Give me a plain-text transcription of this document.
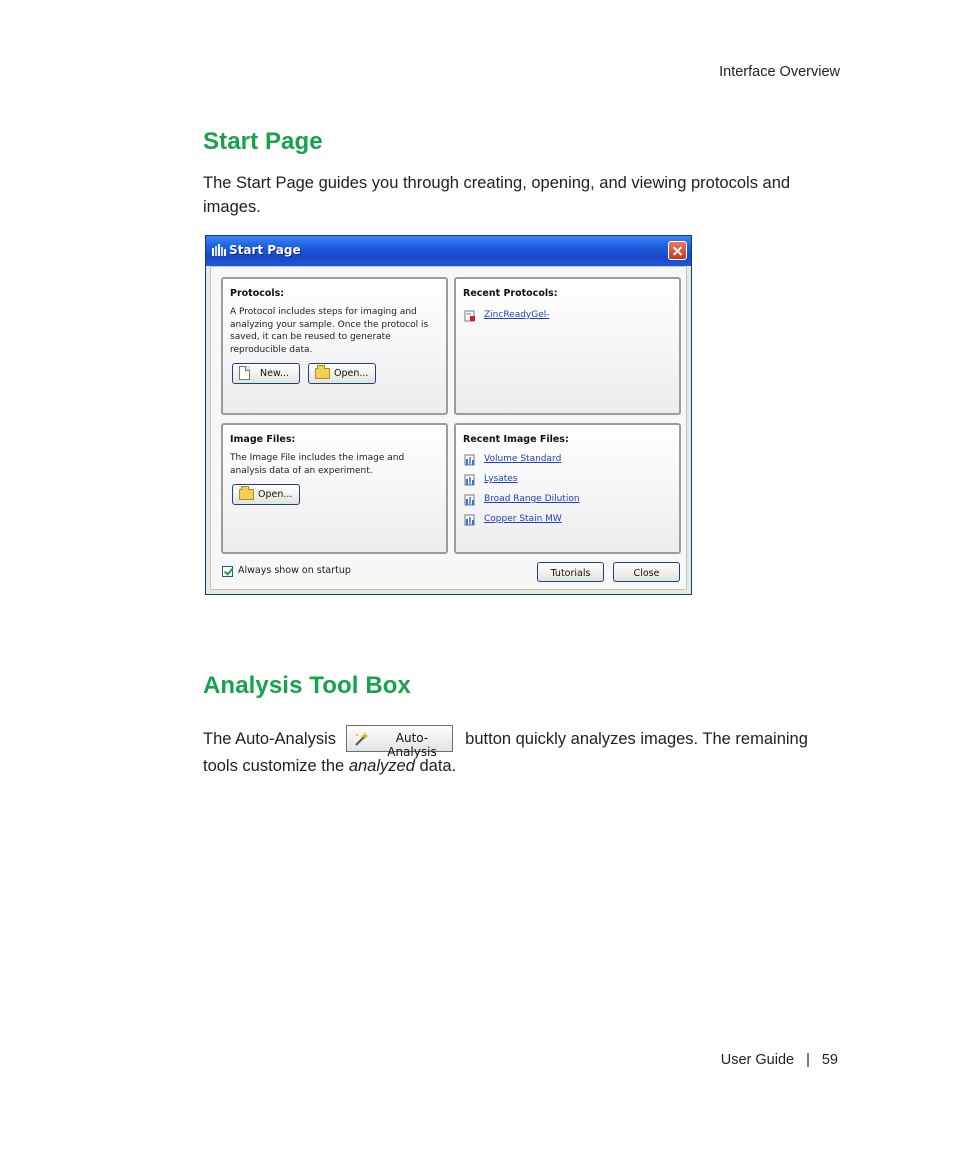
Interface Overview
Start Page
The Start Page guides you through creating, opening, and viewing protocols and images.
Start Page
Protocols:
A Protocol includes steps for imaging and analyzing your sample. Once the protocol is saved, it can be reused to generate reproducible data.
New...	Open...
Recent Protocols:
ZincReadyGel-
Image Files:
The Image File includes the image and analysis data of an experiment.
Open...
Recent Image Files:
Volume Standard
Lysates
Broad Range Dilution
Copper Stain MW
Always show on startup	Tutorials	Close
Analysis Tool Box
The Auto-Analysis	button quickly analyzes images. The remaining
tools customize the analyzed data.
Auto-Analysis
User Guide | 59
